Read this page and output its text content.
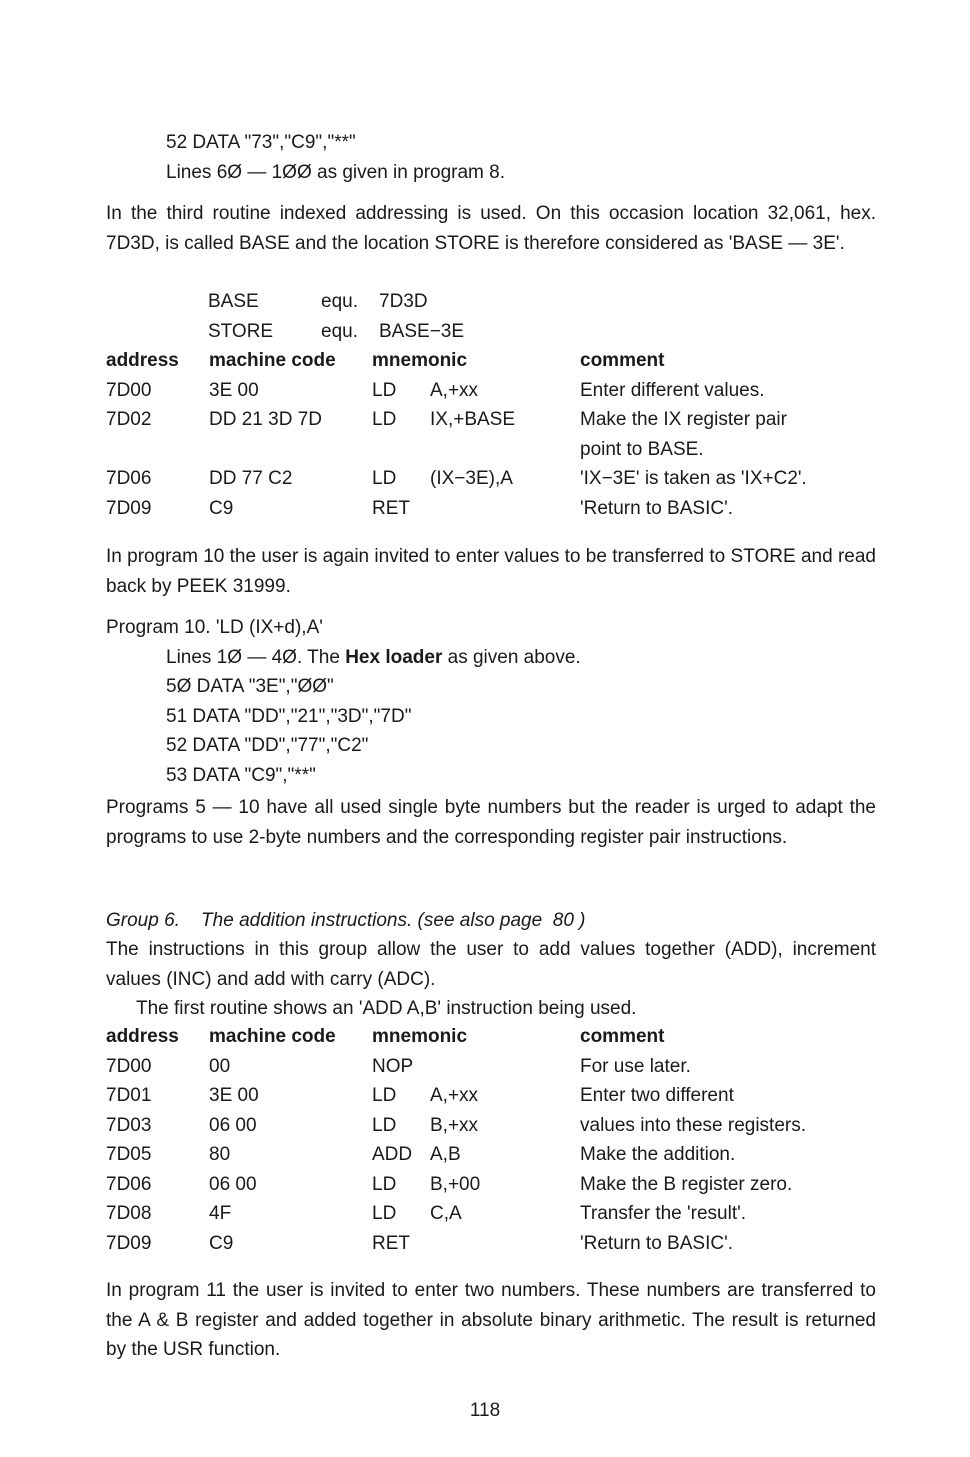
52 DATA "73","C9","**"
Lines 6Ø — 1ØØ as given in program 8.
In the third routine indexed addressing is used. On this occasion location 32,061, hex. 7D3D, is called BASE and the location STORE is therefore considered as 'BASE — 3E'.
BASE	equ.	7D3D
STORE	equ.	BASE−3E
address	machine code	mnemonic	comment
7D00	3E 00	LD A,+xx	Enter different values.
7D02	DD 21 3D 7D	LD IX,+BASE	Make the IX register pair
point to BASE.

7D06	DD 77 C2	LD (IX−3E),A	'IX−3E' is taken as 'IX+C2'.
7D09	C9	RET	'Return to BASIC'.
In program 10 the user is again invited to enter values to be transferred to STORE and read back by PEEK 31999.
Program 10. 'LD (IX+d),A'
Lines 1Ø — 4Ø. The Hex loader as given above.
5Ø DATA "3E","ØØ"
51 DATA "DD","21","3D","7D"
52 DATA "DD","77","C2"
53 DATA "C9","**"
Programs 5 — 10 have all used single byte numbers but the reader is urged to adapt the programs to use 2-byte numbers and the corresponding register pair instructions.
Group 6.    The addition instructions. (see also page  80 )
The instructions in this group allow the user to add values together (ADD), increment values (INC) and add with carry (ADC).
The first routine shows an 'ADD A,B' instruction being used.
address	machine code	mnemonic	comment
7D00	00	NOP	For use later.
7D01	3E 00	LD A,+xx	Enter two different
7D03	06 00	LD B,+xx	values into these registers.
7D05	80	ADD A,B	Make the addition.
7D06	06 00	LD B,+00	Make the B register zero.
7D08	4F	LD C,A	Transfer the 'result'.
7D09	C9	RET	'Return to BASIC'.
In program 11 the user is invited to enter two numbers. These numbers are transferred to the A & B register and added together in absolute binary arithmetic. The result is returned by the USR function.
118
